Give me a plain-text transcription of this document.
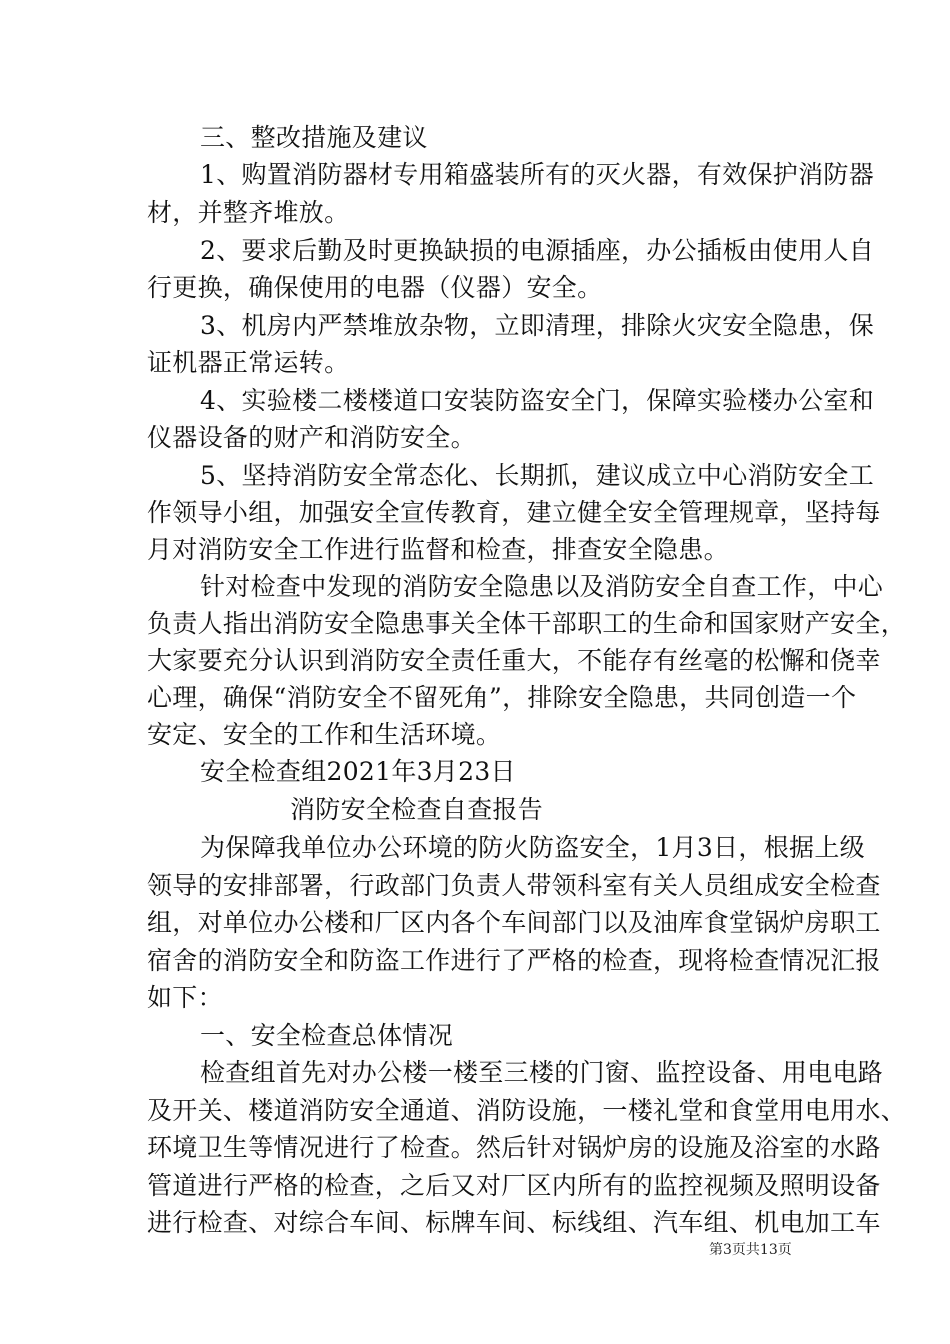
三、整改措施及建议
1、购置消防器材专用箱盛装所有的灭火器，有效保护消防器
材，并整齐堆放。
2、要求后勤及时更换缺损的电源插座，办公插板由使用人自
行更换，确保使用的电器（仪器）安全。
3、机房内严禁堆放杂物，立即清理，排除火灾安全隐患，保
证机器正常运转。
4、实验楼二楼楼道口安装防盗安全门，保障实验楼办公室和
仪器设备的财产和消防安全。
5、坚持消防安全常态化、长期抓，建议成立中心消防安全工
作领导小组，加强安全宣传教育，建立健全安全管理规章，坚持每
月对消防安全工作进行监督和检查，排查安全隐患。
针对检查中发现的消防安全隐患以及消防安全自查工作，中心
负责人指出消防安全隐患事关全体干部职工的生命和国家财产安全，
大家要充分认识到消防安全责任重大，不能存有丝毫的松懈和侥幸
心理，确保“消防安全不留死角”，排除安全隐患，共同创造一个
安定、安全的工作和生活环境。
安全检查组2021年3月23日
消防安全检查自查报告
为保障我单位办公环境的防火防盗安全，1月3日，根据上级
领导的安排部署，行政部门负责人带领科室有关人员组成安全检查
组，对单位办公楼和厂区内各个车间部门以及油库食堂锅炉房职工
宿舍的消防安全和防盗工作进行了严格的检查，现将检查情况汇报
如下：
一、安全检查总体情况
检查组首先对办公楼一楼至三楼的门窗、监控设备、用电电路
及开关、楼道消防安全通道、消防设施，一楼礼堂和食堂用电用水、
环境卫生等情况进行了检查。然后针对锅炉房的设施及浴室的水路
管道进行严格的检查，之后又对厂区内所有的监控视频及照明设备
进行检查、对综合车间、标牌车间、标线组、汽车组、机电加工车
第3页共13页
